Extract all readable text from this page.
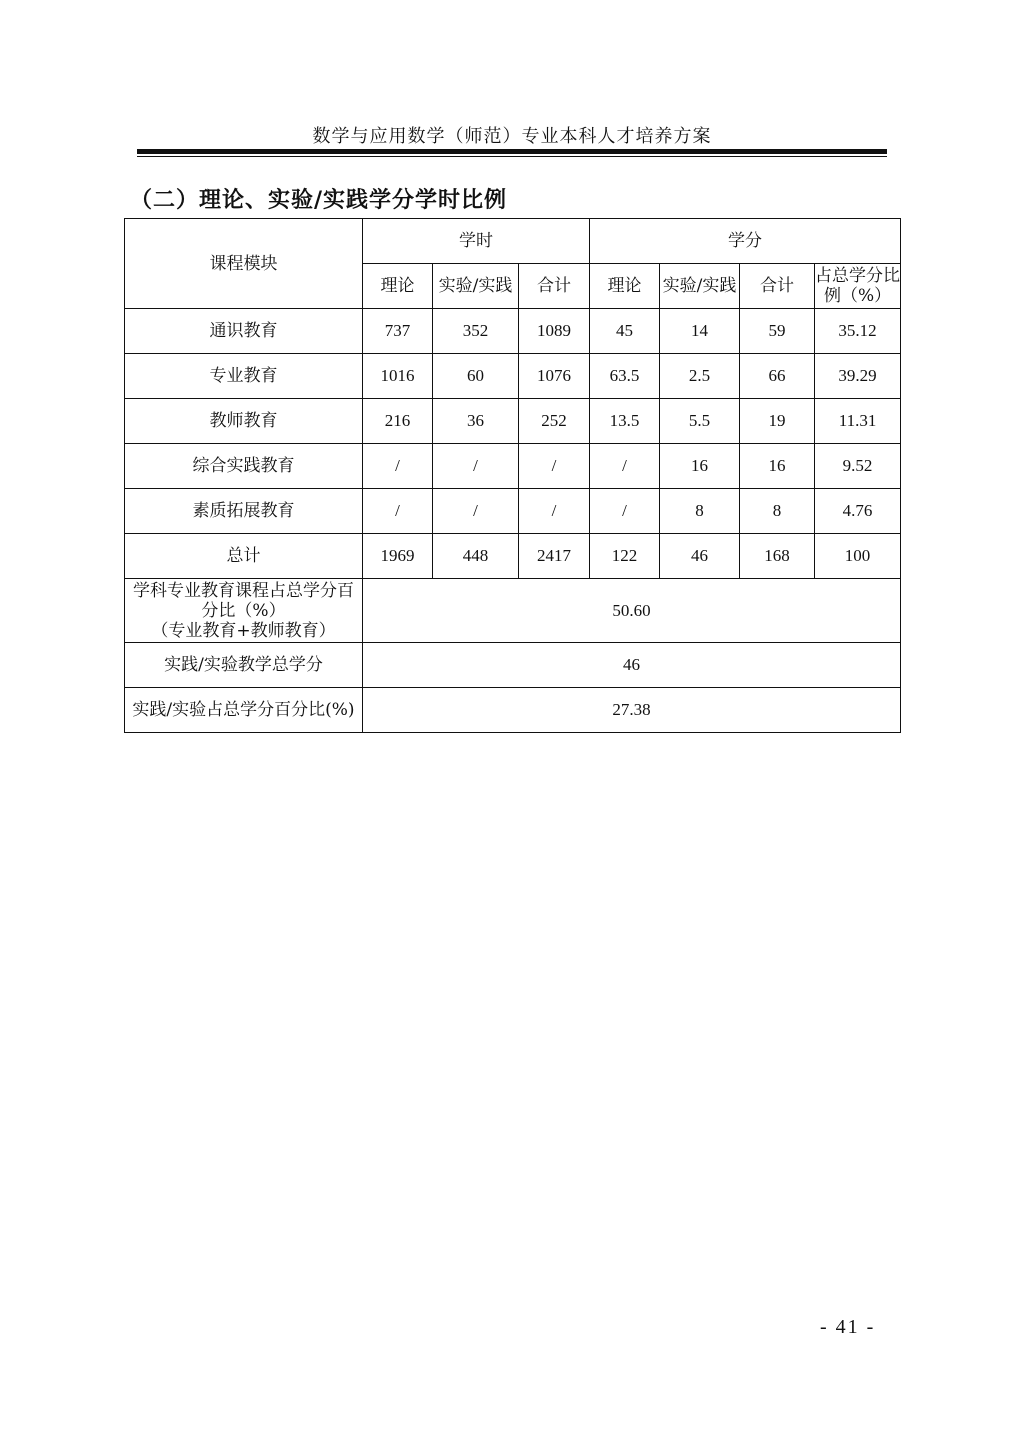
数学与应用数学（师范）专业本科人才培养方案
（二）理论、实验/实践学分学时比例
课程模块	学时			学分			
	理论	实验/实践	合计	理论	实验/实践	合计	占总学分比例（%）
通识教育	737	352	1089	45	14	59	35.12
专业教育	1016	60	1076	63.5	2.5	66	39.29
教师教育	216	36	252	13.5	5.5	19	11.31
综合实践教育	/	/	/	/	16	16	9.52
素质拓展教育	/	/	/	/	8	8	4.76
总计	1969	448	2417	122	46	168	100

学科专业教育课程占总学分百
分比（%）
（专业教育+教师教育）	50.60						
实践/实验教学总学分	46						
实践/实验占总学分百分比(%)	27.38						
- 41 -
